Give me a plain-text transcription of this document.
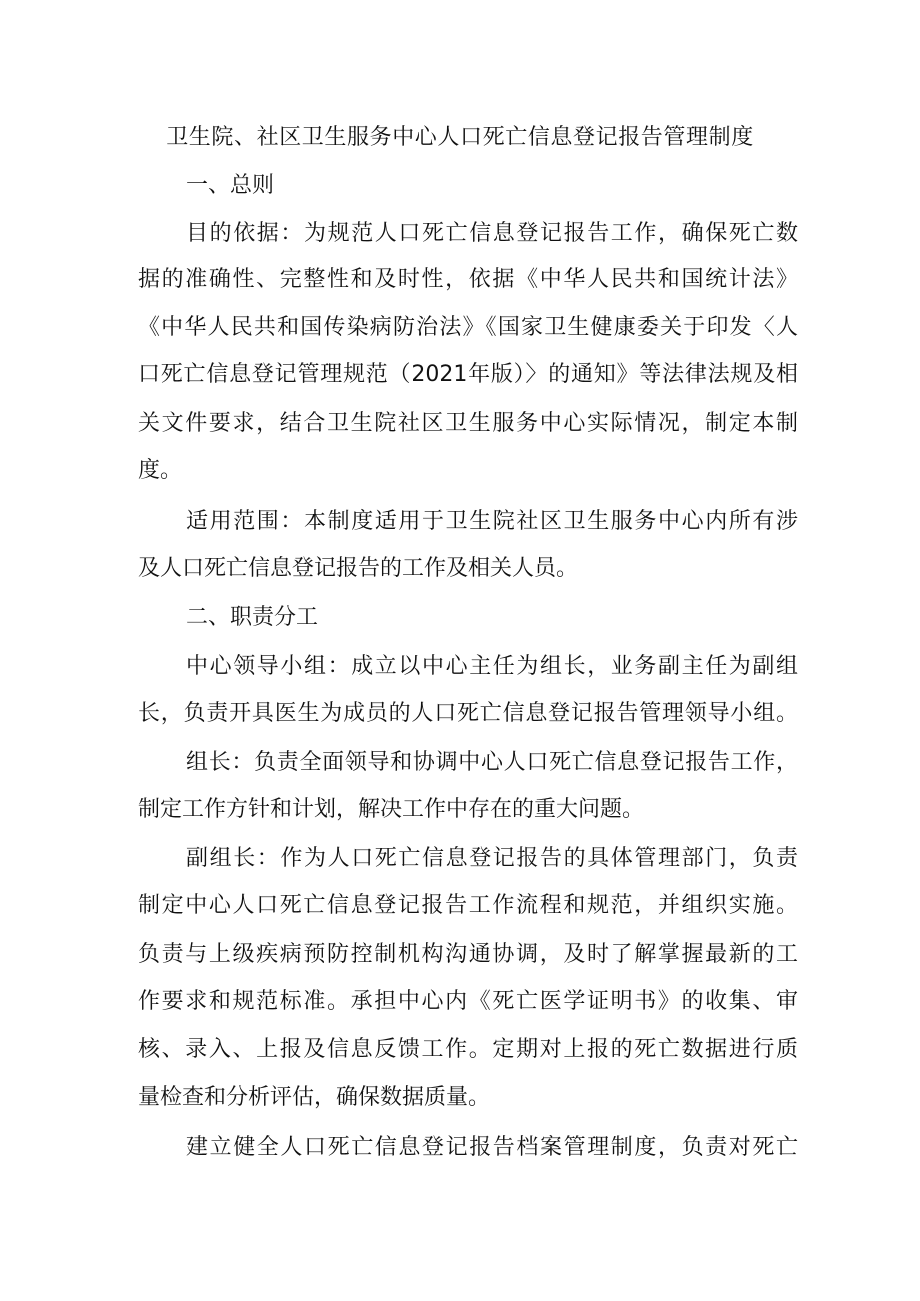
卫生院、社区卫生服务中心人口死亡信息登记报告管理制度

一、总则

目的依据：为规范人口死亡信息登记报告工作，确保死亡数

据的准确性、完整性和及时性，依据《中华人民共和国统计法》

《中华人民共和国传染病防治法》《国家卫生健康委关于印发〈人

口死亡信息登记管理规范（2021年版）〉的通知》等法律法规及相

关文件要求，结合卫生院社区卫生服务中心实际情况，制定本制

度。

适用范围：本制度适用于卫生院社区卫生服务中心内所有涉

及人口死亡信息登记报告的工作及相关人员。

二、职责分工

中心领导小组：成立以中心主任为组长，业务副主任为副组

长，负责开具医生为成员的人口死亡信息登记报告管理领导小组。

组长：负责全面领导和协调中心人口死亡信息登记报告工作，

制定工作方针和计划，解决工作中存在的重大问题。

副组长：作为人口死亡信息登记报告的具体管理部门，负责

制定中心人口死亡信息登记报告工作流程和规范，并组织实施。

负责与上级疾病预防控制机构沟通协调，及时了解掌握最新的工

作要求和规范标准。承担中心内《死亡医学证明书》的收集、审

核、录入、上报及信息反馈工作。定期对上报的死亡数据进行质

量检查和分析评估，确保数据质量。

建立健全人口死亡信息登记报告档案管理制度，负责对死亡
